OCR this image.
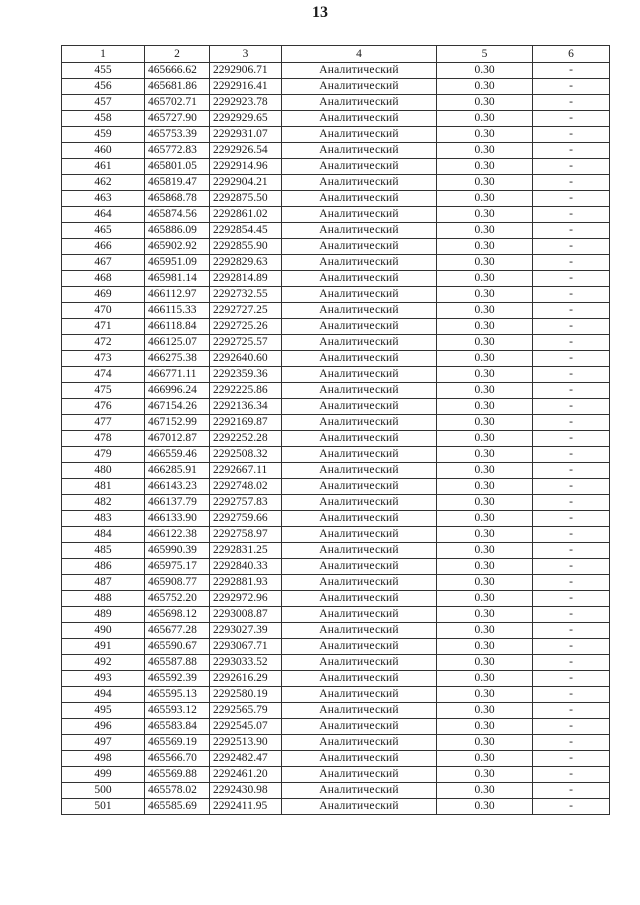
13
1	2	3	4	5	6
455	465666.62	2292906.71	Аналитический	0.30	-
456	465681.86	2292916.41	Аналитический	0.30	-
457	465702.71	2292923.78	Аналитический	0.30	-
458	465727.90	2292929.65	Аналитический	0.30	-
459	465753.39	2292931.07	Аналитический	0.30	-
460	465772.83	2292926.54	Аналитический	0.30	-
461	465801.05	2292914.96	Аналитический	0.30	-
462	465819.47	2292904.21	Аналитический	0.30	-
463	465868.78	2292875.50	Аналитический	0.30	-
464	465874.56	2292861.02	Аналитический	0.30	-
465	465886.09	2292854.45	Аналитический	0.30	-
466	465902.92	2292855.90	Аналитический	0.30	-
467	465951.09	2292829.63	Аналитический	0.30	-
468	465981.14	2292814.89	Аналитический	0.30	-
469	466112.97	2292732.55	Аналитический	0.30	-
470	466115.33	2292727.25	Аналитический	0.30	-
471	466118.84	2292725.26	Аналитический	0.30	-
472	466125.07	2292725.57	Аналитический	0.30	-
473	466275.38	2292640.60	Аналитический	0.30	-
474	466771.11	2292359.36	Аналитический	0.30	-
475	466996.24	2292225.86	Аналитический	0.30	-
476	467154.26	2292136.34	Аналитический	0.30	-
477	467152.99	2292169.87	Аналитический	0.30	-
478	467012.87	2292252.28	Аналитический	0.30	-
479	466559.46	2292508.32	Аналитический	0.30	-
480	466285.91	2292667.11	Аналитический	0.30	-
481	466143.23	2292748.02	Аналитический	0.30	-
482	466137.79	2292757.83	Аналитический	0.30	-
483	466133.90	2292759.66	Аналитический	0.30	-
484	466122.38	2292758.97	Аналитический	0.30	-
485	465990.39	2292831.25	Аналитический	0.30	-
486	465975.17	2292840.33	Аналитический	0.30	-
487	465908.77	2292881.93	Аналитический	0.30	-
488	465752.20	2292972.96	Аналитический	0.30	-
489	465698.12	2293008.87	Аналитический	0.30	-
490	465677.28	2293027.39	Аналитический	0.30	-
491	465590.67	2293067.71	Аналитический	0.30	-
492	465587.88	2293033.52	Аналитический	0.30	-
493	465592.39	2292616.29	Аналитический	0.30	-
494	465595.13	2292580.19	Аналитический	0.30	-
495	465593.12	2292565.79	Аналитический	0.30	-
496	465583.84	2292545.07	Аналитический	0.30	-
497	465569.19	2292513.90	Аналитический	0.30	-
498	465566.70	2292482.47	Аналитический	0.30	-
499	465569.88	2292461.20	Аналитический	0.30	-
500	465578.02	2292430.98	Аналитический	0.30	-
501	465585.69	2292411.95	Аналитический	0.30	-
